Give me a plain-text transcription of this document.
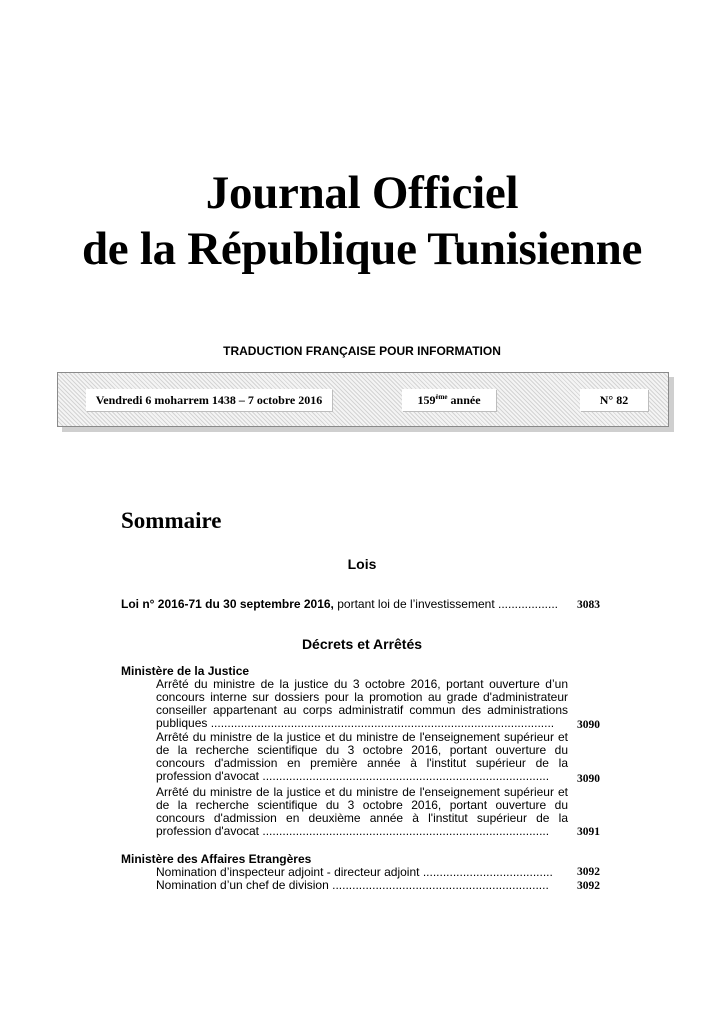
Journal Officiel
de la République Tunisienne
TRADUCTION FRANÇAISE POUR INFORMATION
Vendredi 6 moharrem 1438 – 7 octobre 2016	159ème année	N° 82
Sommaire
Lois
Loi n° 2016-71 du 30 septembre 2016, portant loi de l’investissement ..................	3083
Décrets et Arrêtés
Ministère de la Justice
Arrêté du ministre de la justice du 3 octobre 2016, portant ouverture d’un
concours interne sur dossiers pour la promotion au grade d'administrateur
conseiller appartenant au corps administratif commun des administrations
publiques .......................................................................................................	3090
Arrêté du ministre de la justice et du ministre de l'enseignement supérieur et
de la recherche scientifique du 3 octobre 2016, portant ouverture du
concours d'admission en première année à l'institut supérieur de la
profession d'avocat ......................................................................................	3090
Arrêté du ministre de la justice et du ministre de l'enseignement supérieur et
de la recherche scientifique du 3 octobre 2016, portant ouverture du
concours d'admission en deuxième année à l'institut supérieur de la
profession d'avocat ......................................................................................	3091
Ministère des Affaires Etrangères
Nomination d’inspecteur adjoint - directeur adjoint .......................................	3092
Nomination d’un chef de division .................................................................	3092
